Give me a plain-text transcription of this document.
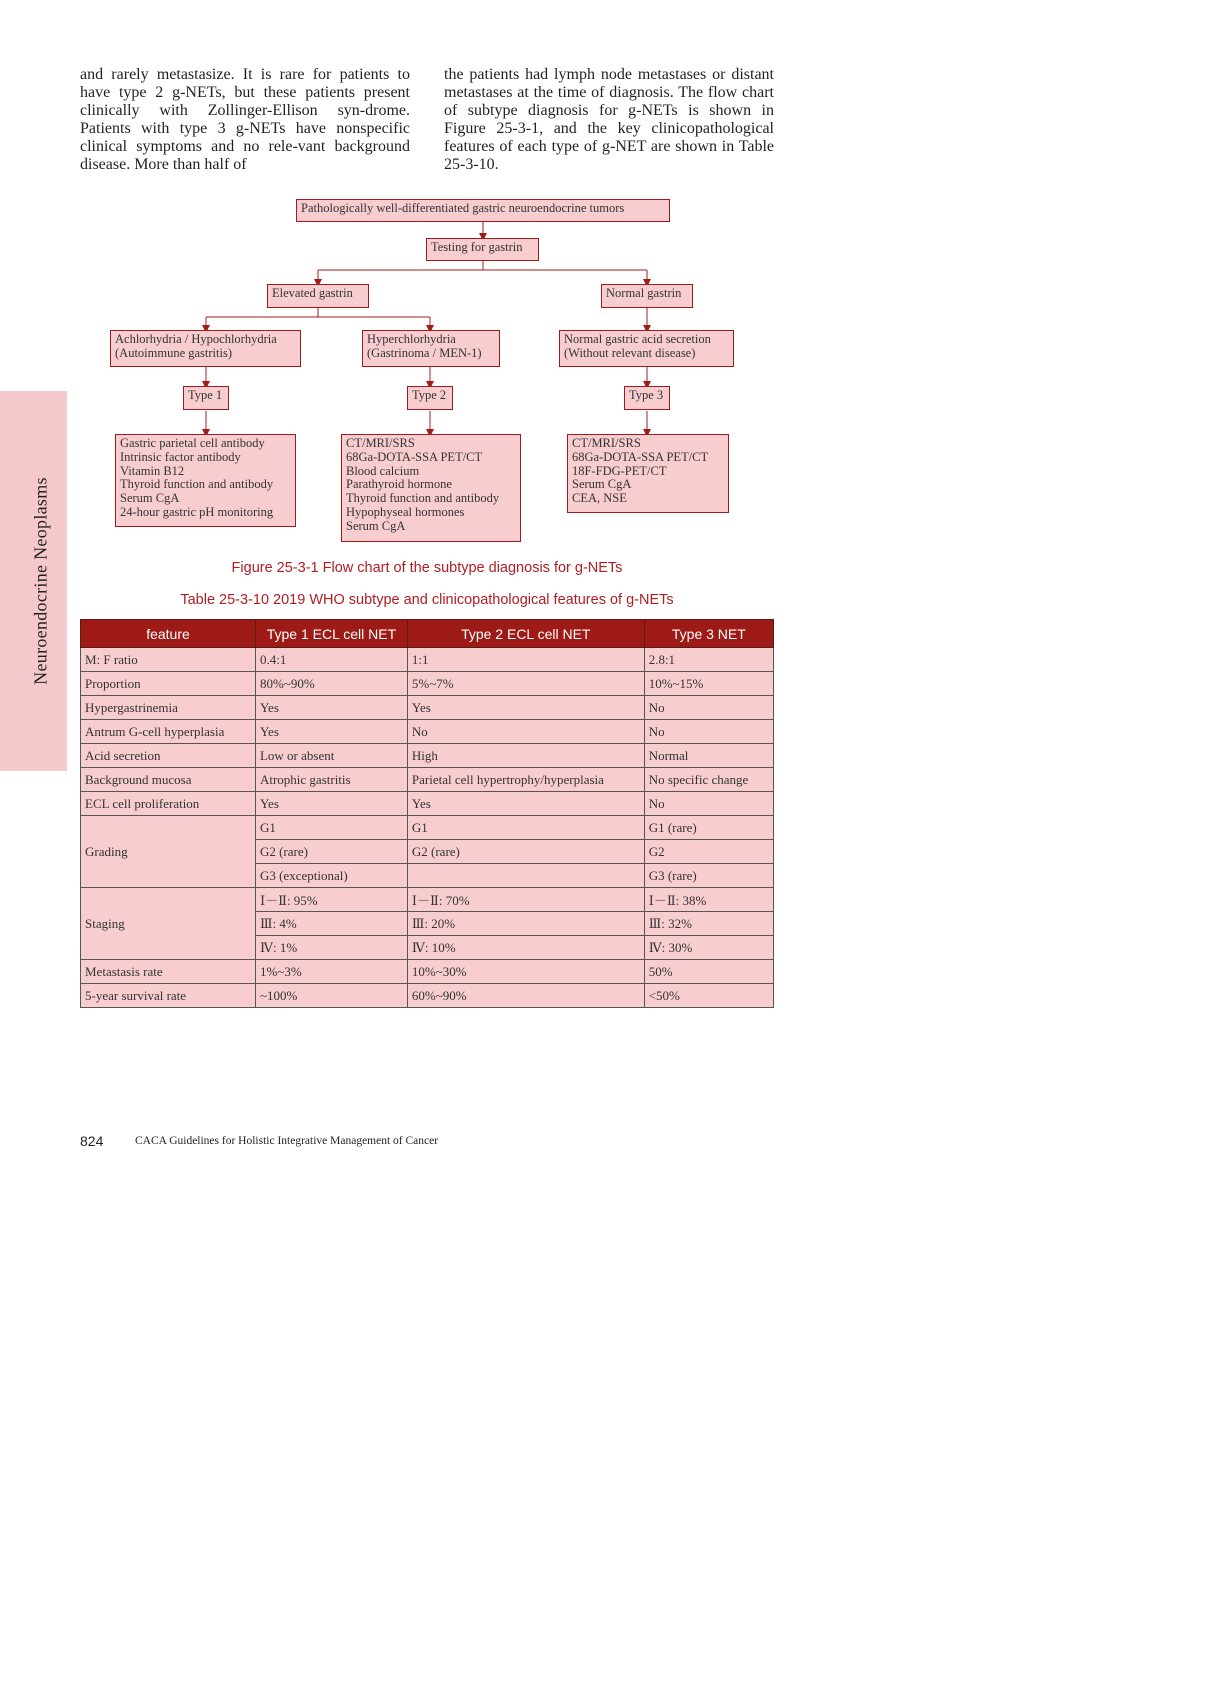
Neuroendocrine Neoplasms
and rarely metastasize. It is rare for patients to have type 2 g-NETs, but these patients present clinically with Zollinger-Ellison syn-drome. Patients with type 3 g-NETs have nonspecific clinical symptoms and no rele-vant background disease. More than half of
the patients had lymph node metastases or distant metastases at the time of diagnosis. The flow chart of subtype diagnosis for g-NETs is shown in Figure 25-3-1, and the key clinicopathological features of each type of g-NET are shown in Table 25-3-10.
Pathologically well-differentiated gastric neuroendocrine tumors
Testing for gastrin
Elevated gastrin	Normal gastrin
Achlorhydria / Hypochlorhydria
(Autoimmune gastritis)
Hyperchlorhydria
(Gastrinoma / MEN-1)
Normal gastric acid secretion
(Without relevant disease)
Type 1	Type 2	Type 3
Gastric parietal cell antibody
Intrinsic factor antibody
Vitamin B12
Thyroid function and antibody
Serum CgA
24-hour gastric pH monitoring
CT/MRI/SRS
68Ga-DOTA-SSA PET/CT
Blood calcium
Parathyroid hormone
Thyroid function and antibody
Hypophyseal hormones
Serum CgA
CT/MRI/SRS
68Ga-DOTA-SSA PET/CT
18F-FDG-PET/CT
Serum CgA
CEA, NSE
Figure 25-3-1 Flow chart of the subtype diagnosis for g-NETs
Table 25-3-10 2019 WHO subtype and clinicopathological features of g-NETs
feature	Type 1 ECL cell NET	Type 2 ECL cell NET	Type 3 NET
M: F ratio	0.4:1	1:1	2.8:1
Proportion	80%~90%	5%~7%	10%~15%
Hypergastrinemia	Yes	Yes	No
Antrum G-cell hyperplasia	Yes	No	No
Acid secretion	Low or absent	High	Normal
Background mucosa	Atrophic gastritis	Parietal cell hypertrophy/hyperplasia	No specific change
ECL cell proliferation	Yes	Yes	No
Grading	G1	G1	G1 (rare)
	G2 (rare)	G2 (rare)	G2
	G3 (exceptional)		G3 (rare)
Staging	Ⅰ－Ⅱ: 95%	Ⅰ－Ⅱ: 70%	Ⅰ－Ⅱ: 38%
	Ⅲ: 4%	Ⅲ: 20%	Ⅲ: 32%
	Ⅳ: 1%	Ⅳ: 10%	Ⅳ: 30%
Metastasis rate	1%~3%	10%~30%	50%
5-year survival rate	~100%	60%~90%	<50%
824	CACA Guidelines for Holistic Integrative Management of Cancer
